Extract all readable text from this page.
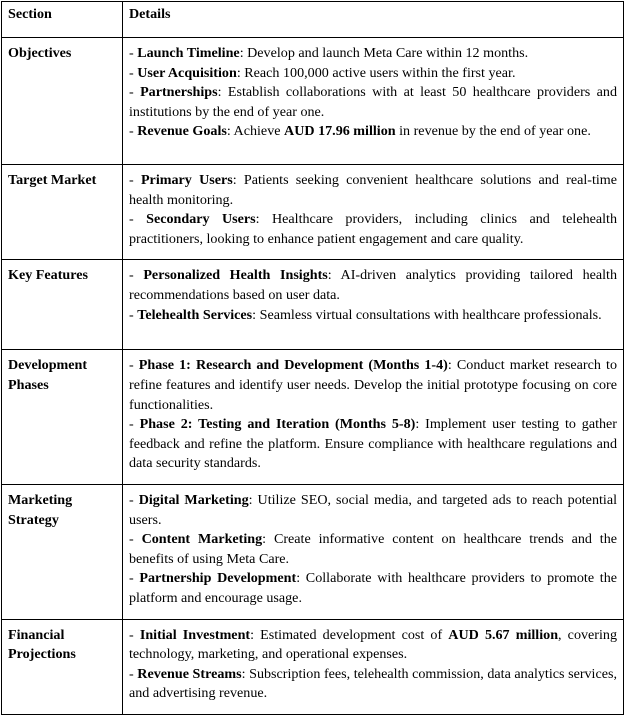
Section	Details
Objectives	- Launch Timeline: Develop and launch Meta Care within 12 months.
- User Acquisition: Reach 100,000 active users within the first year.
- Partnerships: Establish collaborations with at least 50 healthcare providers and institutions by the end of year one.
- Revenue Goals: Achieve AUD 17.96 million in revenue by the end of year one.

Target Market	- Primary Users: Patients seeking convenient healthcare solutions and real-time health monitoring.
- Secondary Users: Healthcare providers, including clinics and telehealth practitioners, looking to enhance patient engagement and care quality.

Key Features	- Personalized Health Insights: AI-driven analytics providing tailored health recommendations based on user data.
- Telehealth Services: Seamless virtual consultations with healthcare professionals.

Development Phases	- Phase 1: Research and Development (Months 1-4): Conduct market research to refine features and identify user needs. Develop the initial prototype focusing on core functionalities.
- Phase 2: Testing and Iteration (Months 5-8): Implement user testing to gather feedback and refine the platform. Ensure compliance with healthcare regulations and data security standards.

Marketing Strategy	- Digital Marketing: Utilize SEO, social media, and targeted ads to reach potential users.
- Content Marketing: Create informative content on healthcare trends and the benefits of using Meta Care.
- Partnership Development: Collaborate with healthcare providers to promote the platform and encourage usage.

Financial Projections	- Initial Investment: Estimated development cost of AUD 5.67 million, covering technology, marketing, and operational expenses.
- Revenue Streams: Subscription fees, telehealth commission, data analytics services, and advertising revenue.
